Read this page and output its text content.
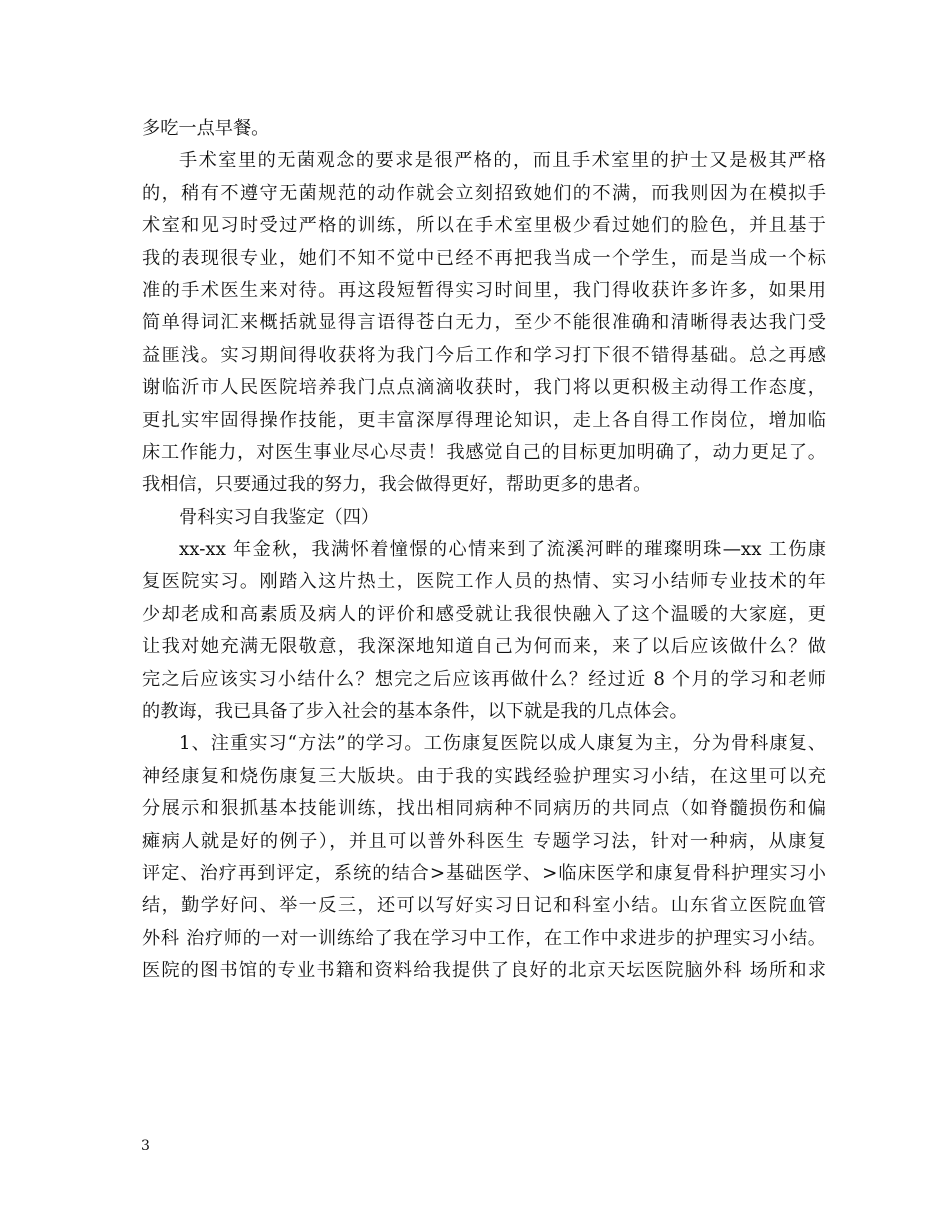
多吃一点早餐。
手术室里的无菌观念的要求是很严格的，而且手术室里的护士又是极其严格
的，稍有不遵守无菌规范的动作就会立刻招致她们的不满，而我则因为在模拟手
术室和见习时受过严格的训练，所以在手术室里极少看过她们的脸色，并且基于
我的表现很专业，她们不知不觉中已经不再把我当成一个学生，而是当成一个标
准的手术医生来对待。再这段短暂得实习时间里，我门得收获许多许多，如果用
简单得词汇来概括就显得言语得苍白无力，至少不能很准确和清晰得表达我门受
益匪浅。实习期间得收获将为我门今后工作和学习打下很不错得基础。总之再感
谢临沂市人民医院培养我门点点滴滴收获时，我门将以更积极主动得工作态度，
更扎实牢固得操作技能，更丰富深厚得理论知识，走上各自得工作岗位，增加临
床工作能力，对医生事业尽心尽责！我感觉自己的目标更加明确了，动力更足了。
我相信，只要通过我的努力，我会做得更好，帮助更多的患者。
骨科实习自我鉴定（四）
xx-xx 年金秋，我满怀着憧憬的心情来到了流溪河畔的璀璨明珠—xx 工伤康
复医院实习。刚踏入这片热土，医院工作人员的热情、实习小结师专业技术的年
少却老成和高素质及病人的评价和感受就让我很快融入了这个温暖的大家庭，更
让我对她充满无限敬意，我深深地知道自己为何而来，来了以后应该做什么？做
完之后应该实习小结什么？想完之后应该再做什么？经过近 8 个月的学习和老师
的教诲，我已具备了步入社会的基本条件，以下就是我的几点体会。
1、注重实习“方法”的学习。工伤康复医院以成人康复为主，分为骨科康复、
神经康复和烧伤康复三大版块。由于我的实践经验护理实习小结，在这里可以充
分展示和狠抓基本技能训练，找出相同病种不同病历的共同点（如脊髓损伤和偏
瘫病人就是好的例子），并且可以普外科医生 专题学习法，针对一种病，从康复
评定、治疗再到评定，系统的结合>基础医学、>临床医学和康复骨科护理实习小
结，勤学好问、举一反三，还可以写好实习日记和科室小结。山东省立医院血管
外科 治疗师的一对一训练给了我在学习中工作，在工作中求进步的护理实习小结。
医院的图书馆的专业书籍和资料给我提供了良好的北京天坛医院脑外科 场所和求
3
